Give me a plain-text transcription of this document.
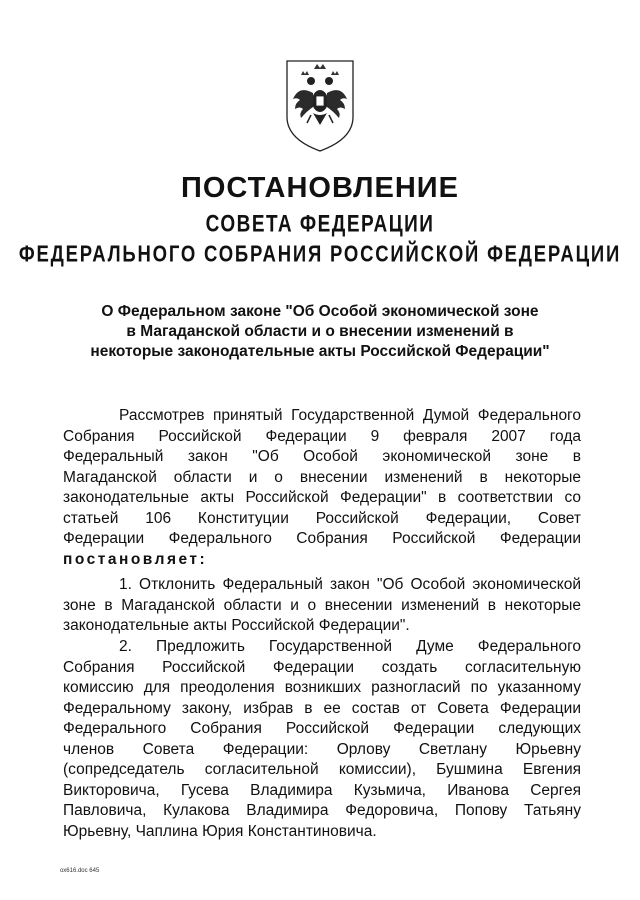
ПОСТАНОВЛЕНИЕ
СОВЕТА ФЕДЕРАЦИИ
ФЕДЕРАЛЬНОГО СОБРАНИЯ РОССИЙСКОЙ ФЕДЕРАЦИИ

О Федеральном законе "Об Особой экономической зоне
в Магаданской области и о внесении изменений в
некоторые законодательные акты Российской Федерации"

Рассмотрев принятый Государственной Думой Федерального
Собрания Российской Федерации 9 февраля 2007 года
Федеральный закон "Об Особой экономической зоне в
Магаданской области и о внесении изменений в некоторые
законодательные акты Российской Федерации" в соответствии со
статьей 106 Конституции Российской Федерации, Совет
Федерации Федерального Собрания Российской Федерации
постановляет:
1. Отклонить Федеральный закон "Об Особой экономической
зоне в Магаданской области и о внесении изменений в некоторые
законодательные акты Российской Федерации".
2. Предложить Государственной Думе Федерального
Собрания Российской Федерации создать согласительную
комиссию для преодоления возникших разногласий по указанному
Федеральному закону, избрав в ее состав от Совета Федерации
Федерального Собрания Российской Федерации следующих
членов Совета Федерации: Орлову Светлану Юрьевну
(сопредседатель согласительной комиссии), Бушмина Евгения
Викторовича, Гусева Владимира Кузьмича, Иванова Сергея
Павловича, Кулакова Владимира Федоровича, Попову Татьяну
Юрьевну, Чаплина Юрия Константиновича.
ох616.doc 645
